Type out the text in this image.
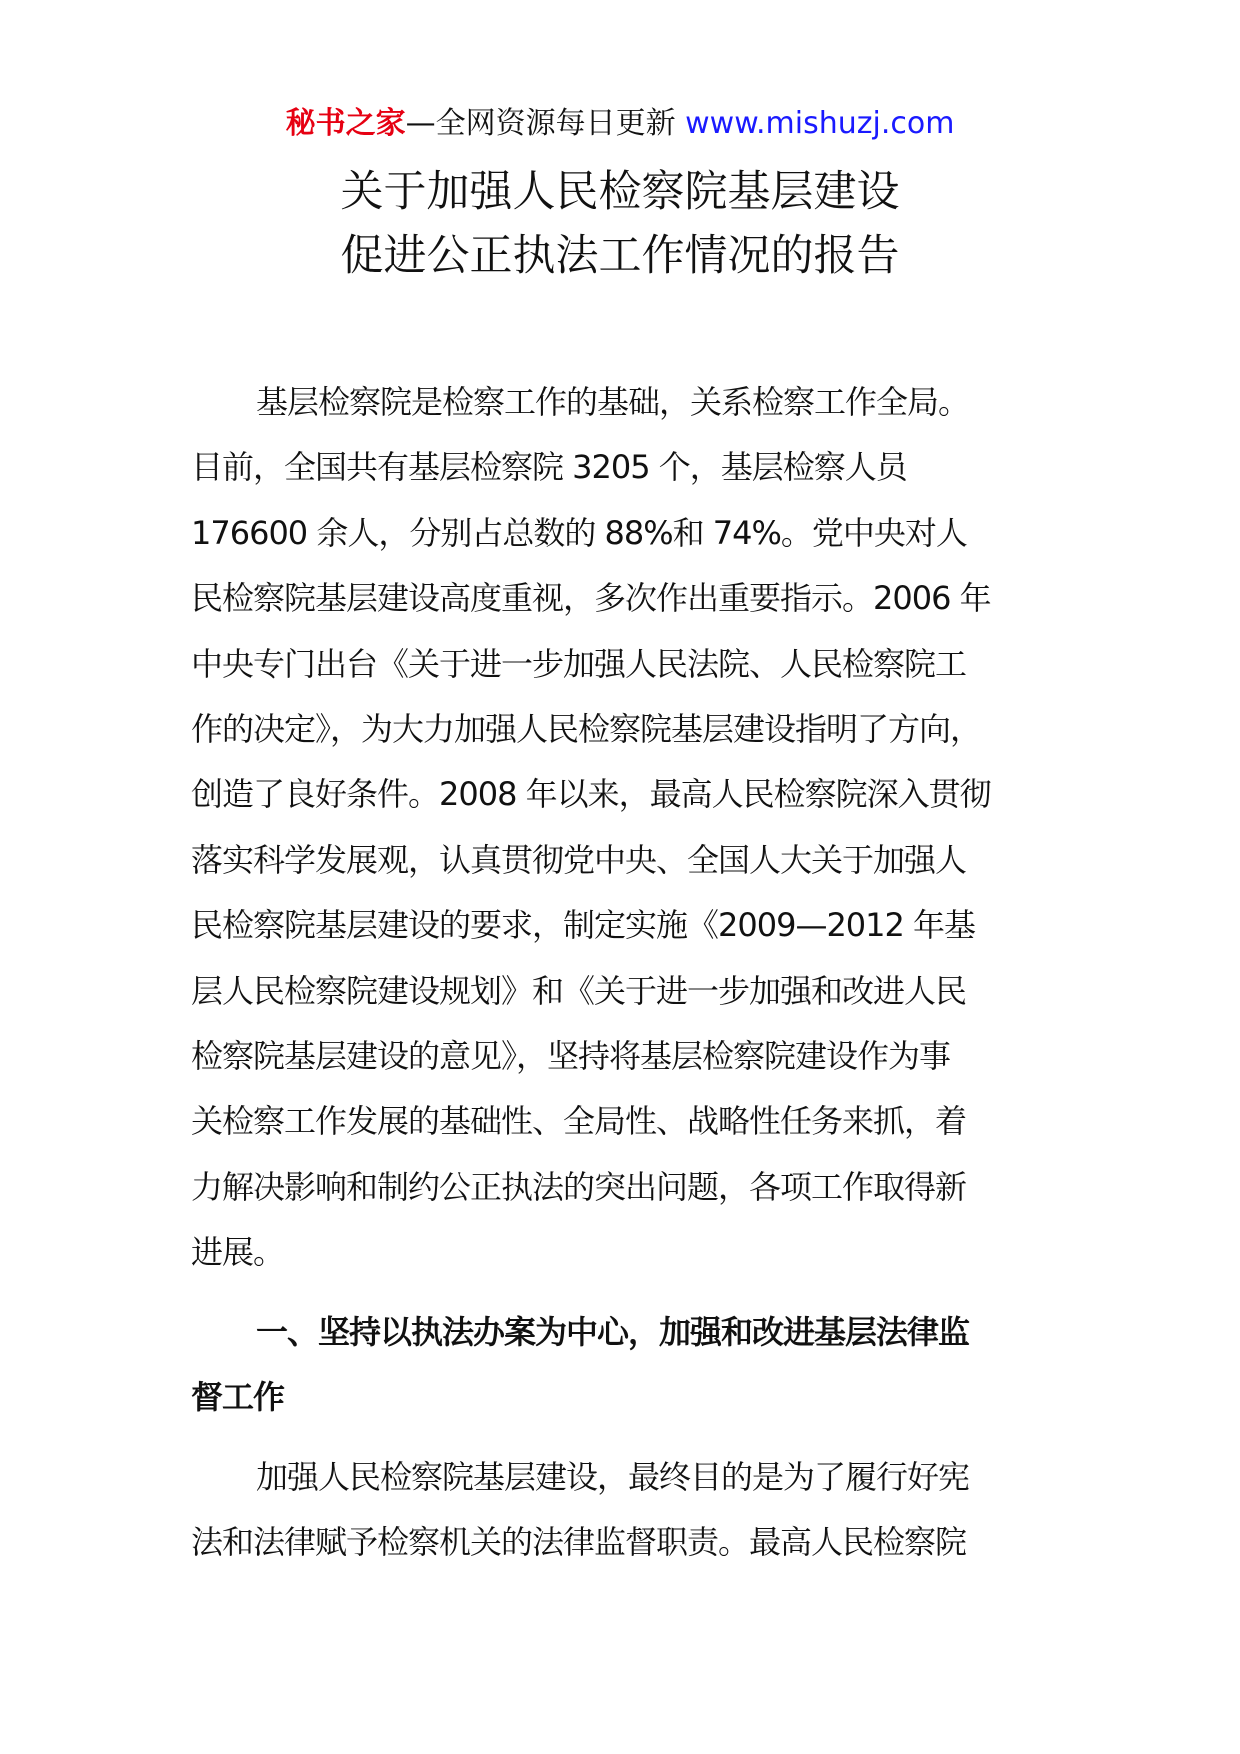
秘书之家—全网资源每日更新 www.mishuzj.com
关于加强人民检察院基层建设
促进公正执法工作情况的报告

基层检察院是检察工作的基础，关系检察工作全局。
目前，全国共有基层检察院 3205 个，基层检察人员
176600 余人，分别占总数的 88%和 74%。党中央对人
民检察院基层建设高度重视，多次作出重要指示。2006 年
中央专门出台《关于进一步加强人民法院、人民检察院工
作的决定》，为大力加强人民检察院基层建设指明了方向，
创造了良好条件。2008 年以来，最高人民检察院深入贯彻
落实科学发展观，认真贯彻党中央、全国人大关于加强人
民检察院基层建设的要求，制定实施《2009—2012 年基
层人民检察院建设规划》和《关于进一步加强和改进人民
检察院基层建设的意见》，坚持将基层检察院建设作为事
关检察工作发展的基础性、全局性、战略性任务来抓，着
力解决影响和制约公正执法的突出问题，各项工作取得新
进展。

一、坚持以执法办案为中心，加强和改进基层法律监
督工作

加强人民检察院基层建设，最终目的是为了履行好宪
法和法律赋予检察机关的法律监督职责。最高人民检察院
